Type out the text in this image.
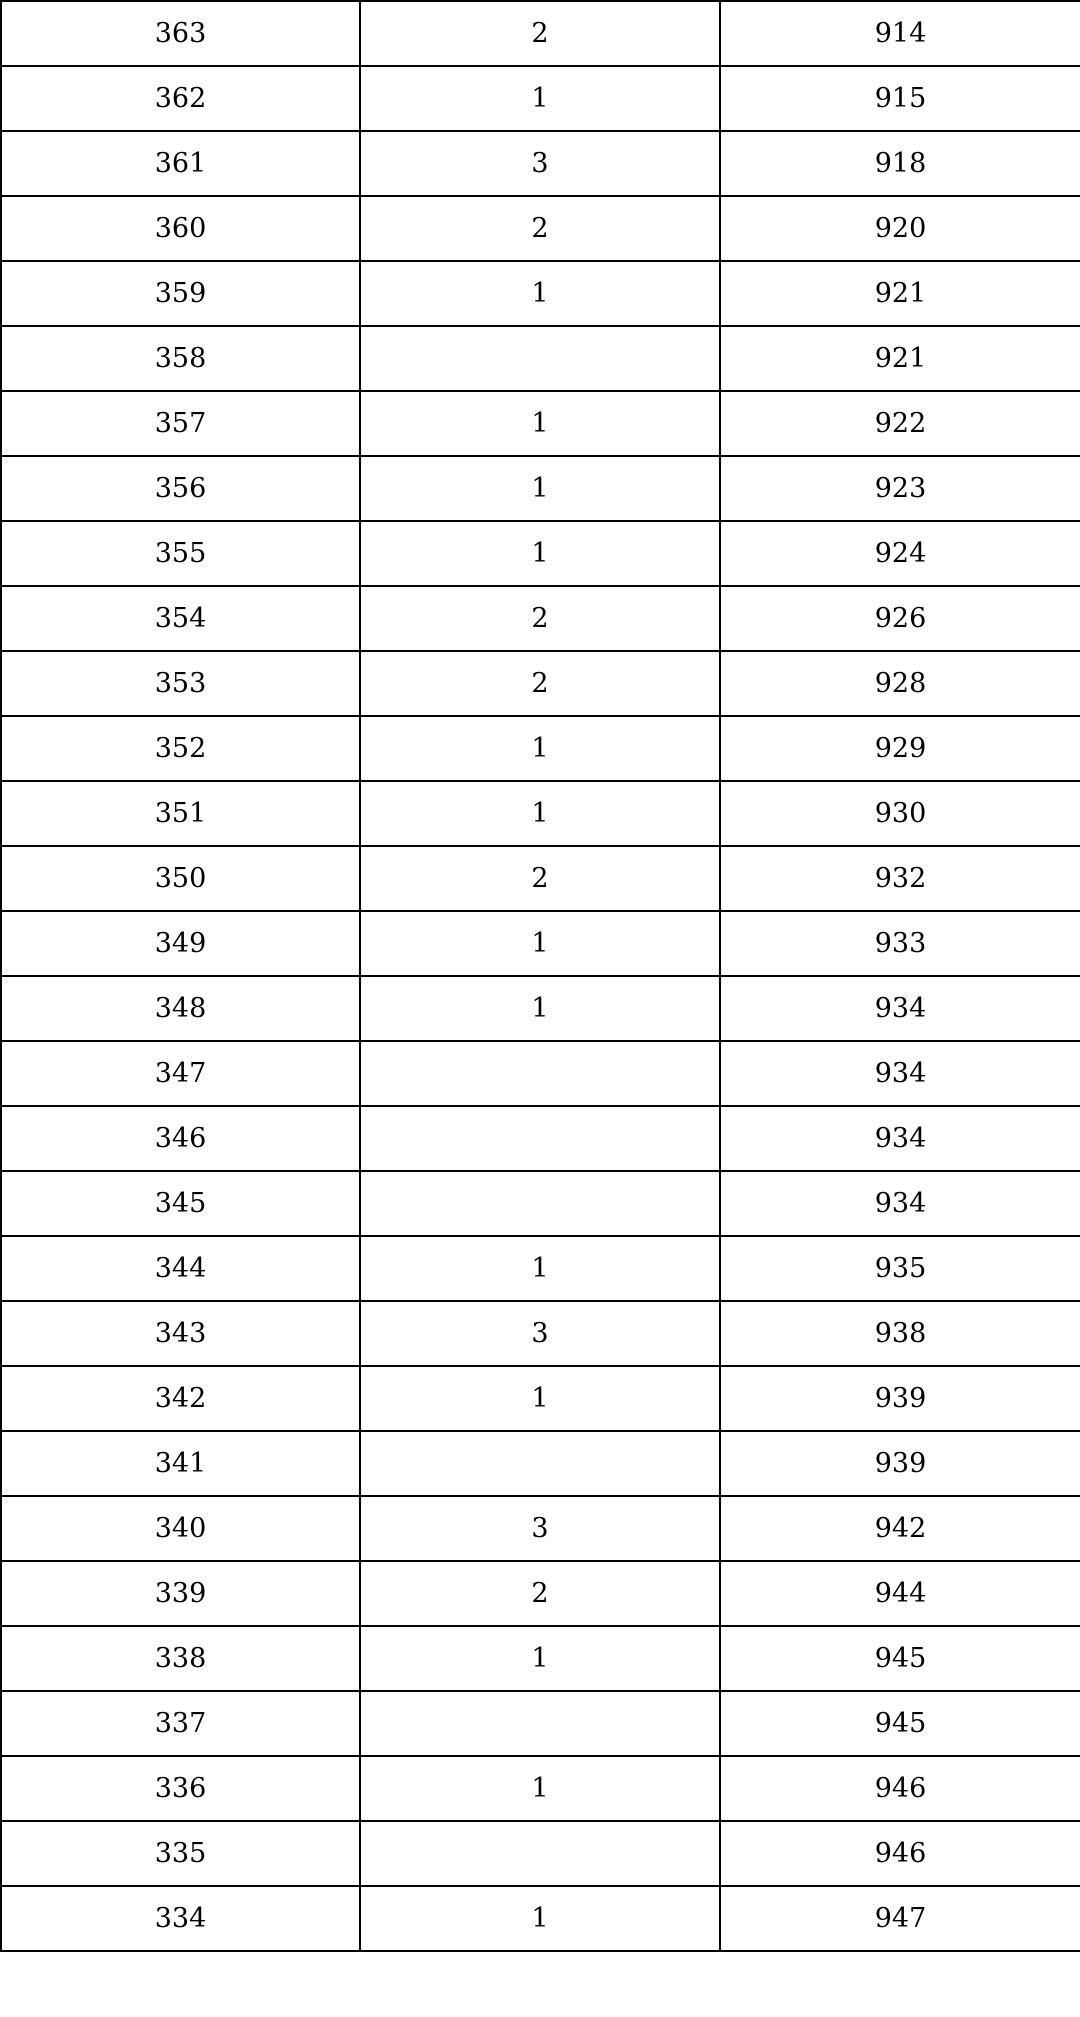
363	2	914
362	1	915
361	3	918
360	2	920
359	1	921
358		921
357	1	922
356	1	923
355	1	924
354	2	926
353	2	928
352	1	929
351	1	930
350	2	932
349	1	933
348	1	934
347		934
346		934
345		934
344	1	935
343	3	938
342	1	939
341		939
340	3	942
339	2	944
338	1	945
337		945
336	1	946
335		946
334	1	947
